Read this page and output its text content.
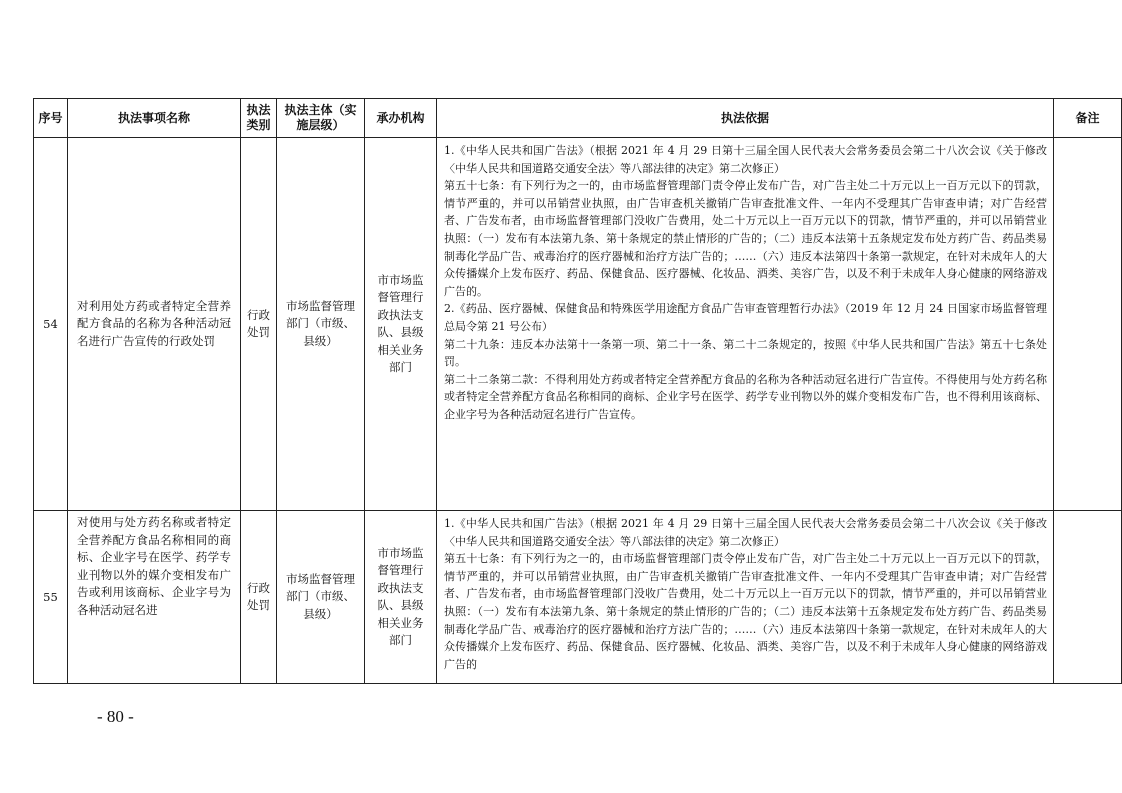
序号	执法事项名称	执法类别	执法主体（实施层级）	承办机构	执法依据	备注
54	对利用处方药或者特定全营养配方食品的名称为各种活动冠名进行广告宣传的行政处罚	行政处罚	市场监督管理部门（市级、县级）	市市场监督管理行政执法支队、县级相关业务部门	1.《中华人民共和国广告法》（根据 2021 年 4 月 29 日第十三届全国人民代表大会常务委员会第二十八次会议《关于修改〈中华人民共和国道路交通安全法〉等八部法律的决定》第二次修正）

第五十七条：有下列行为之一的，由市场监督管理部门责令停止发布广告，对广告主处二十万元以上一百万元以下的罚款，情节严重的，并可以吊销营业执照，由广告审查机关撤销广告审查批准文件、一年内不受理其广告审查申请；对广告经营者、广告发布者，由市场监督管理部门没收广告费用，处二十万元以上一百万元以下的罚款，情节严重的，并可以吊销营业执照：（一）发布有本法第九条、第十条规定的禁止情形的广告的；（二）违反本法第十五条规定发布处方药广告、药品类易制毒化学品广告、戒毒治疗的医疗器械和治疗方法广告的；……（六）违反本法第四十条第一款规定，在针对未成年人的大众传播媒介上发布医疗、药品、保健食品、医疗器械、化妆品、酒类、美容广告，以及不利于未成年人身心健康的网络游戏广告的。

2.《药品、医疗器械、保健食品和特殊医学用途配方食品广告审查管理暂行办法》（2019 年 12 月 24 日国家市场监督管理总局令第 21 号公布）

第二十九条：违反本办法第十一条第一项、第二十一条、第二十二条规定的，按照《中华人民共和国广告法》第五十七条处罚。

第二十二条第二款：不得利用处方药或者特定全营养配方食品的名称为各种活动冠名进行广告宣传。不得使用与处方药名称或者特定全营养配方食品名称相同的商标、企业字号在医学、药学专业刊物以外的媒介变相发布广告，也不得利用该商标、企业字号为各种活动冠名进行广告宣传。	

55	对使用与处方药名称或者特定全营养配方食品名称相同的商标、企业字号在医学、药学专业刊物以外的媒介变相发布广告或利用该商标、企业字号为各种活动冠名进	行政处罚	市场监督管理部门（市级、县级）	市市场监督管理行政执法支队、县级相关业务部门	1.《中华人民共和国广告法》（根据 2021 年 4 月 29 日第十三届全国人民代表大会常务委员会第二十八次会议《关于修改〈中华人民共和国道路交通安全法〉等八部法律的决定》第二次修正）

第五十七条：有下列行为之一的，由市场监督管理部门责令停止发布广告，对广告主处二十万元以上一百万元以下的罚款，情节严重的，并可以吊销营业执照，由广告审查机关撤销广告审查批准文件、一年内不受理其广告审查申请；对广告经营者、广告发布者，由市场监督管理部门没收广告费用，处二十万元以上一百万元以下的罚款，情节严重的，并可以吊销营业执照：（一）发布有本法第九条、第十条规定的禁止情形的广告的；（二）违反本法第十五条规定发布处方药广告、药品类易制毒化学品广告、戒毒治疗的医疗器械和治疗方法广告的；……（六）违反本法第四十条第一款规定，在针对未成年人的大众传播媒介上发布医疗、药品、保健食品、医疗器械、化妆品、酒类、美容广告，以及不利于未成年人身心健康的网络游戏广告的	

- 80 -
